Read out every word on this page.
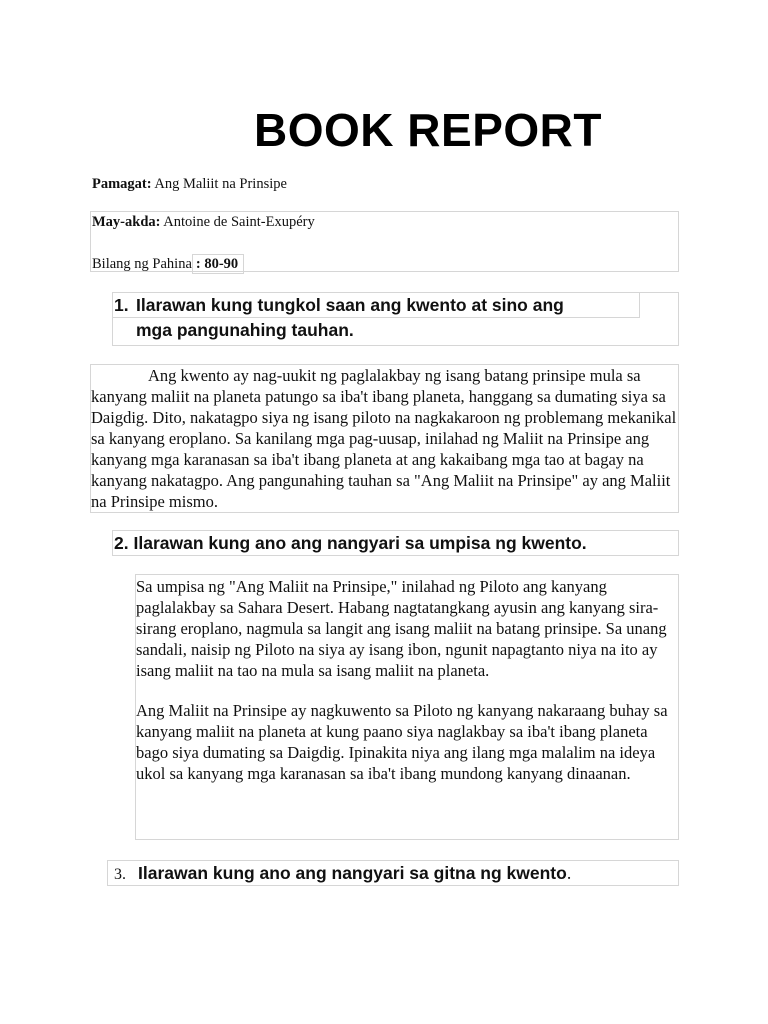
BOOK REPORT
Pamagat: Ang Maliit na Prinsipe
May-akda: Antoine de Saint-Exupéry
Bilang ng Pahina : 80-90
1. Ilarawan kung tungkol saan ang kwento at sino ang
mga pangunahing tauhan.
Ang kwento ay nag-uukit ng paglalakbay ng isang batang prinsipe mula sa kanyang maliit na planeta patungo sa iba't ibang planeta, hanggang sa dumating siya sa Daigdig. Dito, nakatagpo siya ng isang piloto na nagkakaroon ng problemang mekanikal sa kanyang eroplano. Sa kanilang mga pag-uusap, inilahad ng Maliit na Prinsipe ang kanyang mga karanasan sa iba't ibang planeta at ang kakaibang mga tao at bagay na kanyang nakatagpo. Ang pangunahing tauhan sa "Ang Maliit na Prinsipe" ay ang Maliit na Prinsipe mismo.
2. Ilarawan kung ano ang nangyari sa umpisa ng kwento.
Sa umpisa ng "Ang Maliit na Prinsipe," inilahad ng Piloto ang kanyang paglalakbay sa Sahara Desert. Habang nagtatangkang ayusin ang kanyang sira-sirang eroplano, nagmula sa langit ang isang maliit na batang prinsipe. Sa unang sandali, naisip ng Piloto na siya ay isang ibon, ngunit napagtanto niya na ito ay isang maliit na tao na mula sa isang maliit na planeta.
Ang Maliit na Prinsipe ay nagkuwento sa Piloto ng kanyang nakaraang buhay sa kanyang maliit na planeta at kung paano siya naglakbay sa iba't ibang planeta bago siya dumating sa Daigdig. Ipinakita niya ang ilang mga malalim na ideya ukol sa kanyang mga karanasan sa iba't ibang mundong kanyang dinaanan.
3. Ilarawan kung ano ang nangyari sa gitna ng kwento.
